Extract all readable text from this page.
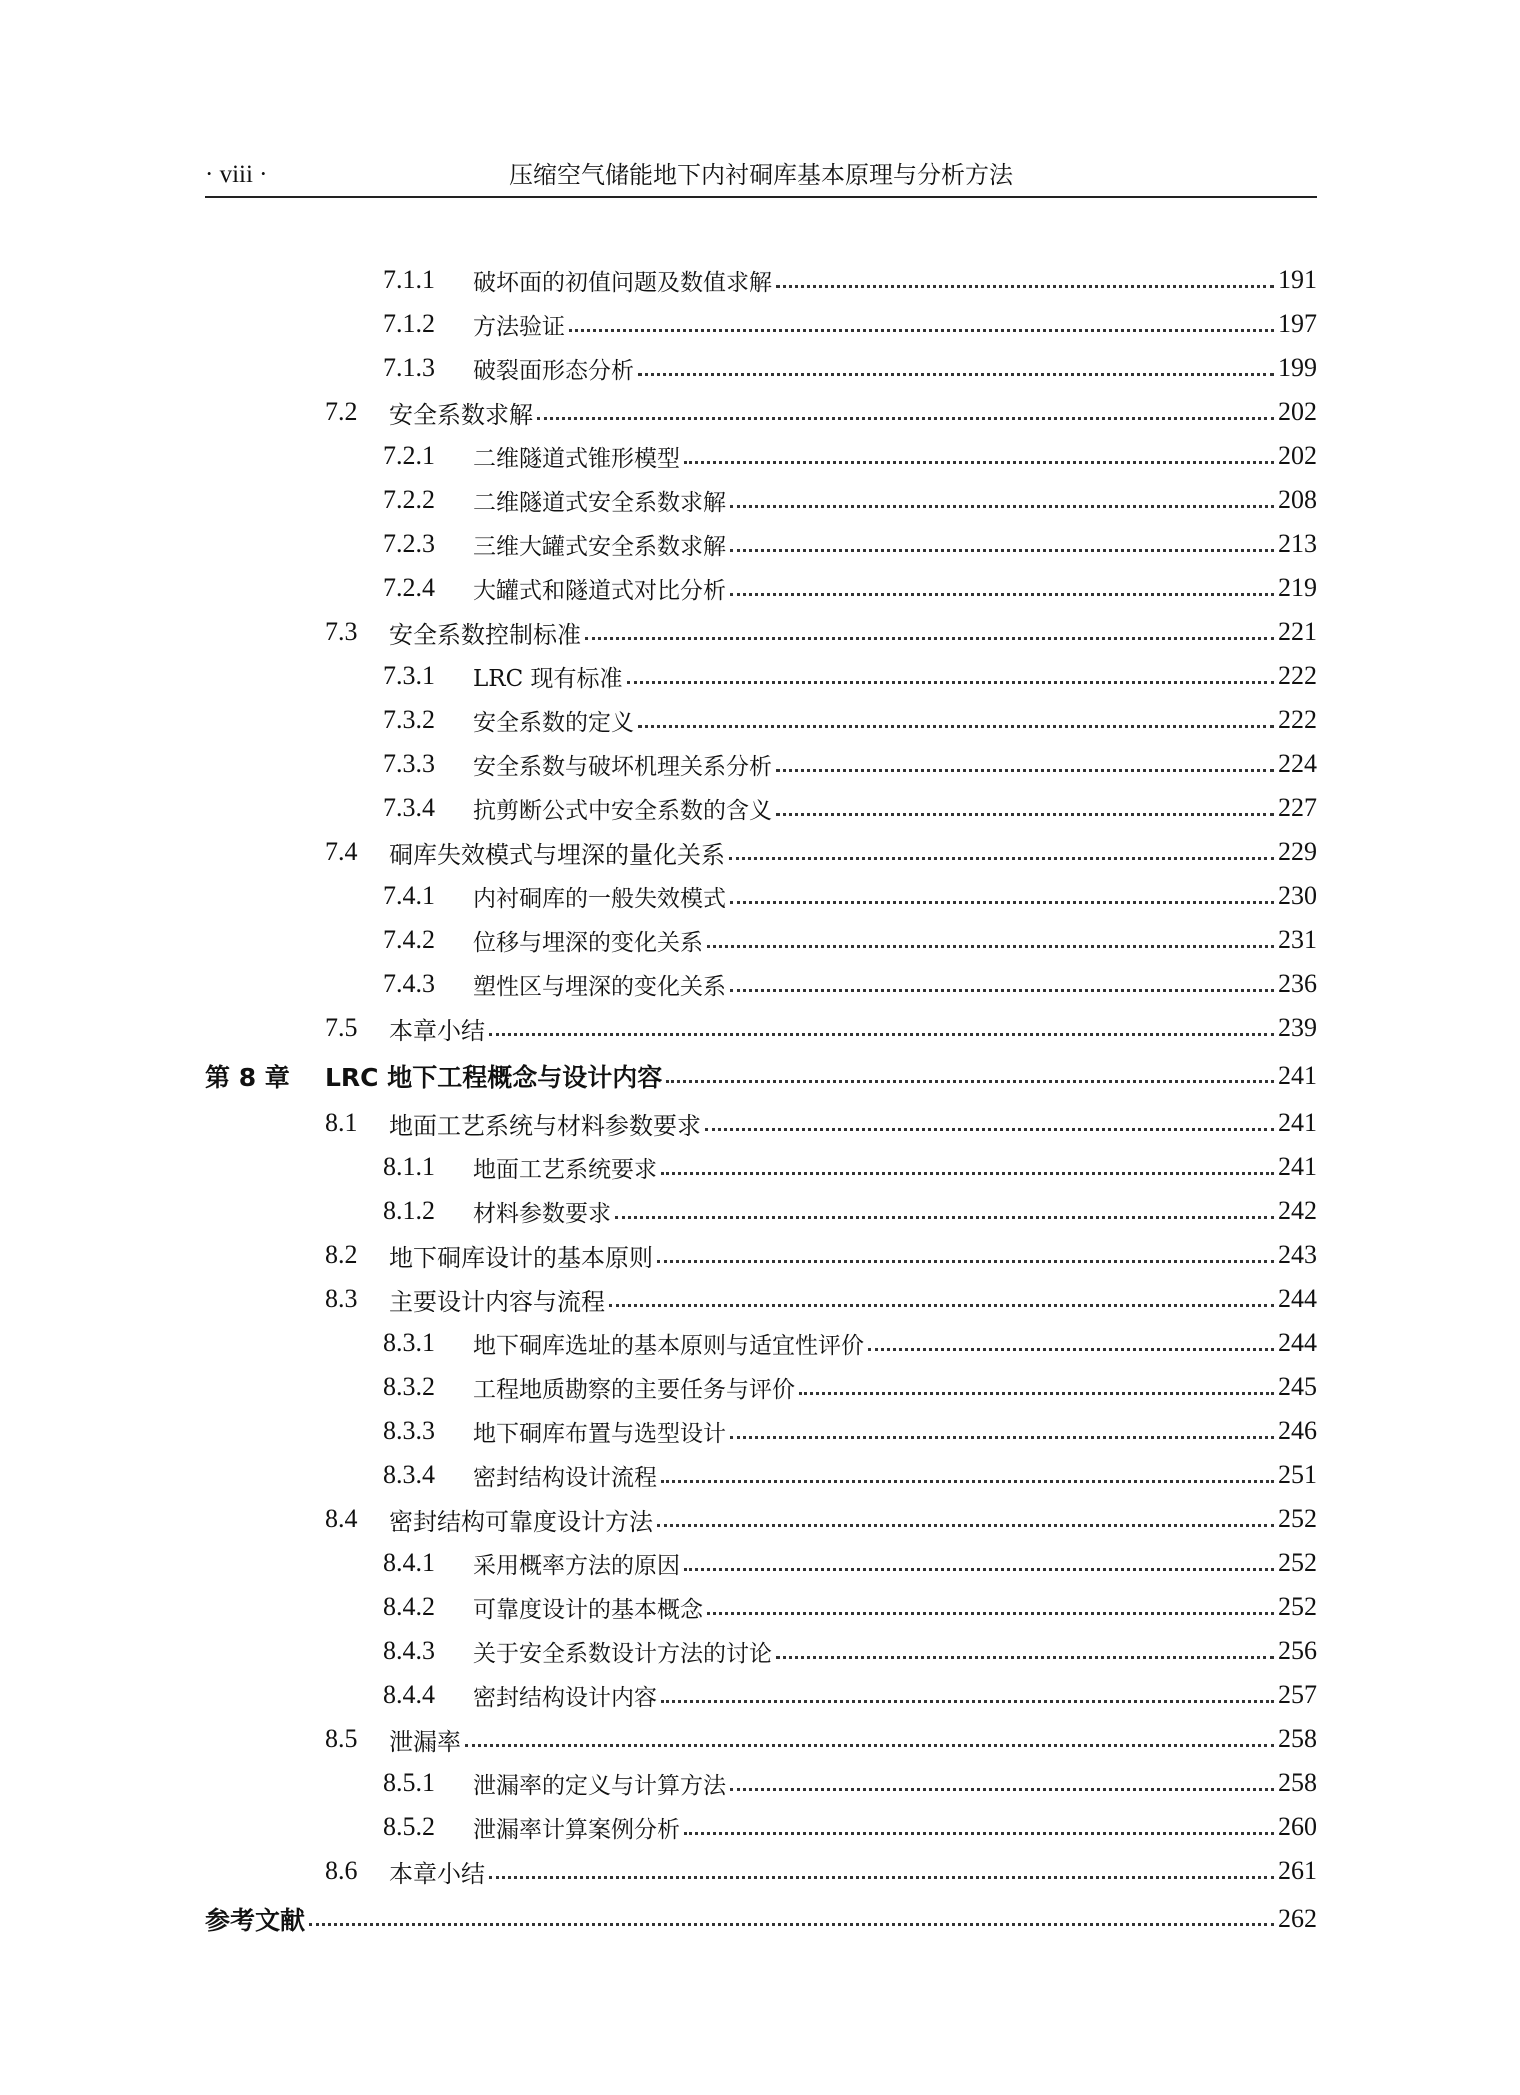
· viii ·	压缩空气储能地下内衬硐库基本原理与分析方法
7.1.1	破坏面的初值问题及数值求解	191
7.1.2	方法验证	197
7.1.3	破裂面形态分析	199
7.2	安全系数求解	202
7.2.1	二维隧道式锥形模型	202
7.2.2	二维隧道式安全系数求解	208
7.2.3	三维大罐式安全系数求解	213
7.2.4	大罐式和隧道式对比分析	219
7.3	安全系数控制标准	221
7.3.1	LRC 现有标准	222
7.3.2	安全系数的定义	222
7.3.3	安全系数与破坏机理关系分析	224
7.3.4	抗剪断公式中安全系数的含义	227
7.4	硐库失效模式与埋深的量化关系	229
7.4.1	内衬硐库的一般失效模式	230
7.4.2	位移与埋深的变化关系	231
7.4.3	塑性区与埋深的变化关系	236
7.5	本章小结	239
第 8 章	LRC 地下工程概念与设计内容	241
8.1	地面工艺系统与材料参数要求	241
8.1.1	地面工艺系统要求	241
8.1.2	材料参数要求	242
8.2	地下硐库设计的基本原则	243
8.3	主要设计内容与流程	244
8.3.1	地下硐库选址的基本原则与适宜性评价	244
8.3.2	工程地质勘察的主要任务与评价	245
8.3.3	地下硐库布置与选型设计	246
8.3.4	密封结构设计流程	251
8.4	密封结构可靠度设计方法	252
8.4.1	采用概率方法的原因	252
8.4.2	可靠度设计的基本概念	252
8.4.3	关于安全系数设计方法的讨论	256
8.4.4	密封结构设计内容	257
8.5	泄漏率	258
8.5.1	泄漏率的定义与计算方法	258
8.5.2	泄漏率计算案例分析	260
8.6	本章小结	261
参考文献	262
